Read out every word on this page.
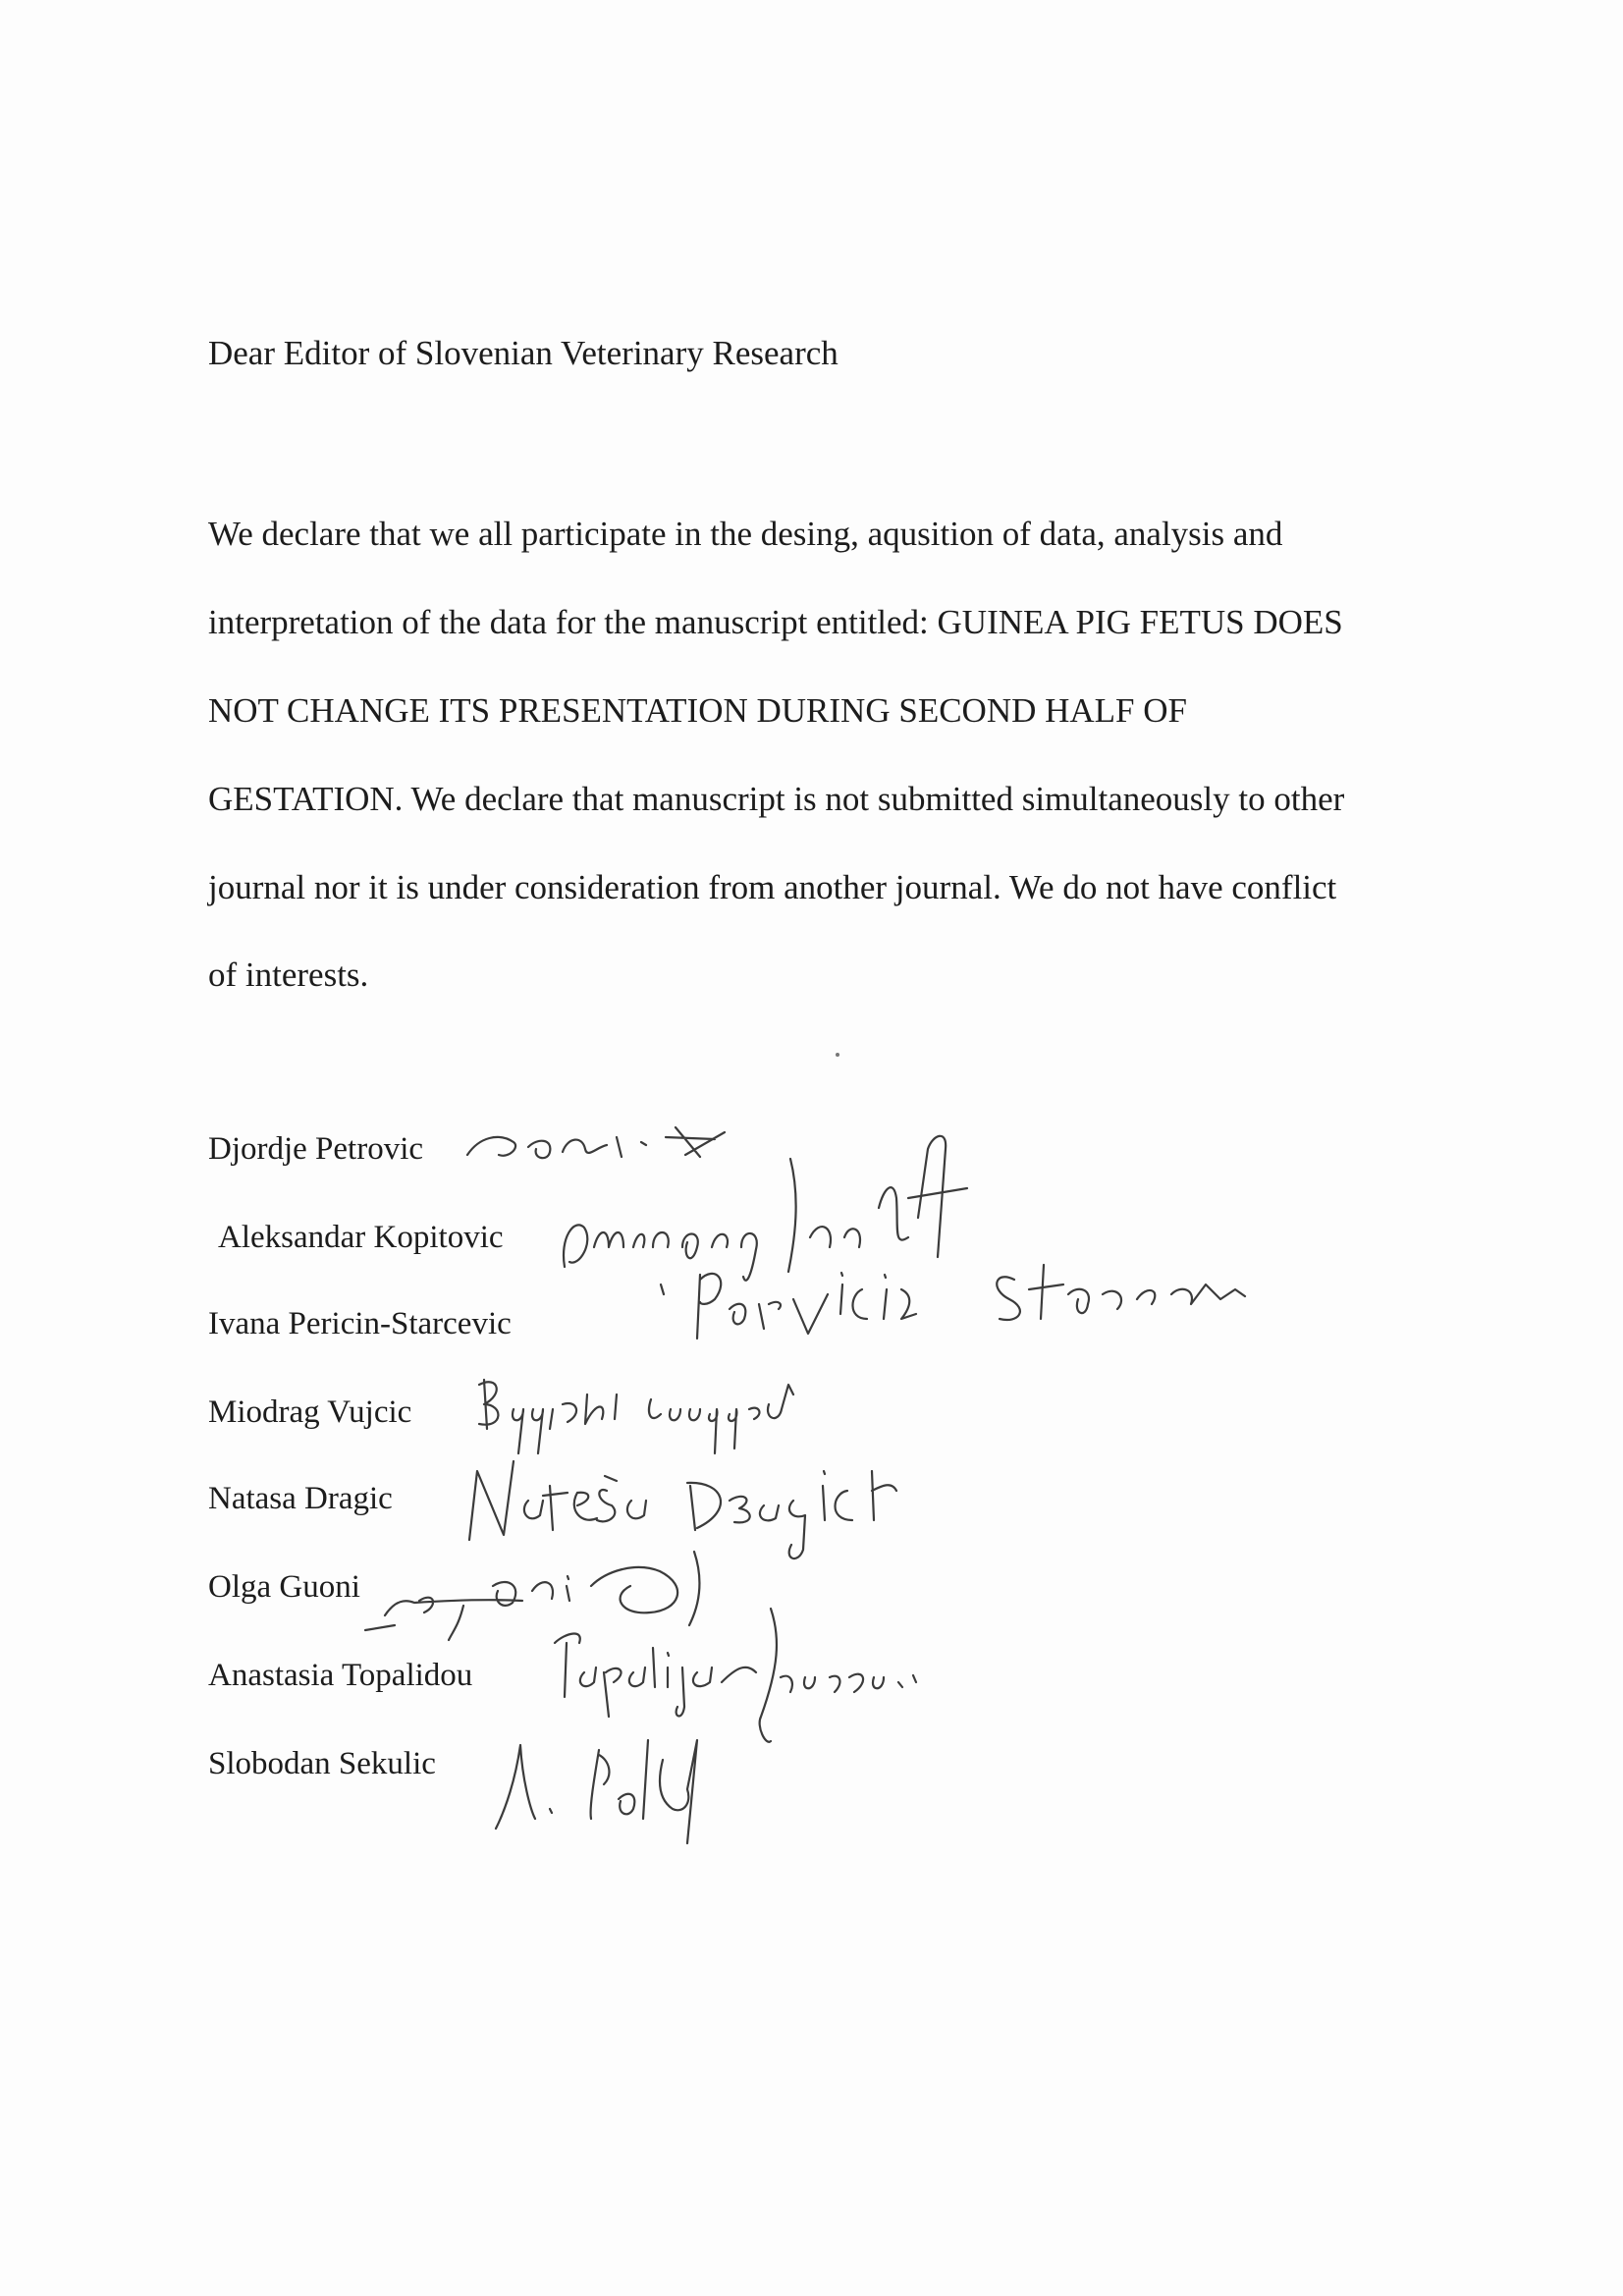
Dear Editor of Slovenian Veterinary Research
We declare that we all participate in the desing, aqusition of data, analysis and
interpretation of the data for the manuscript entitled: GUINEA PIG FETUS DOES
NOT CHANGE ITS PRESENTATION DURING SECOND HALF OF
GESTATION. We declare that manuscript is not submitted simultaneously to other
journal nor it is under consideration from another journal. We do not have conflict
of interests.
Djordje Petrovic
Aleksandar Kopitovic
Ivana Pericin-Starcevic
Miodrag Vujcic
Natasa Dragic
Olga Guoni
Anastasia Topalidou
Slobodan Sekulic
